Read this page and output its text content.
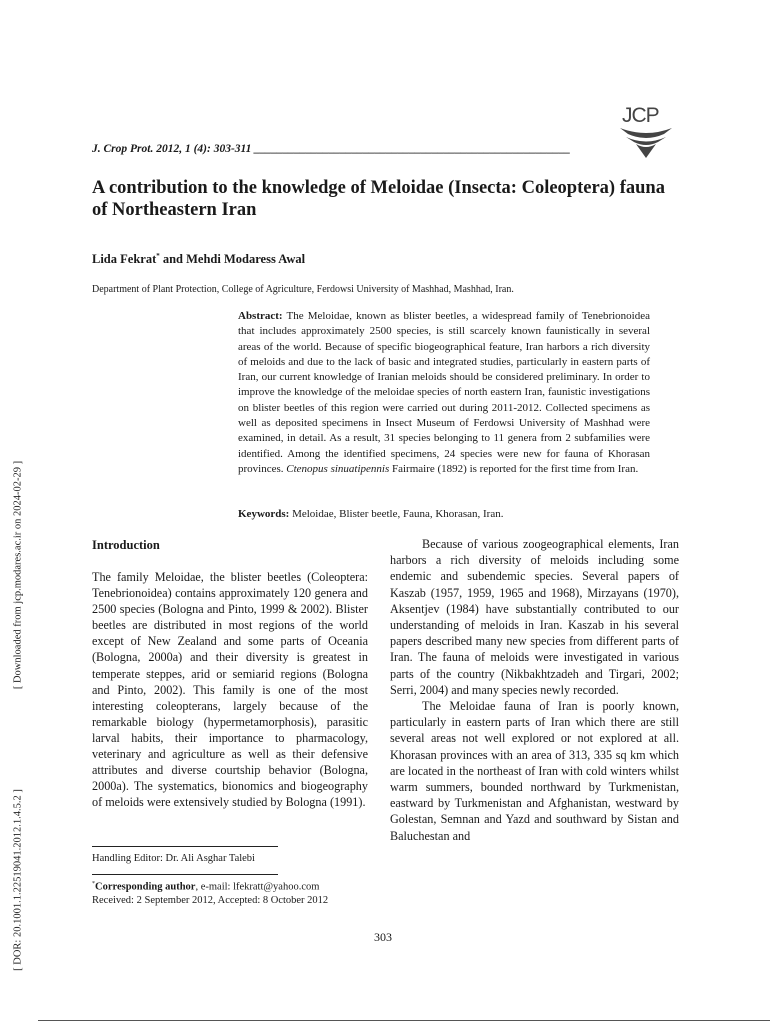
JCP
J. Crop Prot. 2012, 1 (4): 303-311 _______________________________________________________
A contribution to the knowledge of Meloidae (Insecta: Coleoptera) fauna of Northeastern Iran
Lida Fekrat* and Mehdi Modaress Awal
Department of Plant Protection, College of Agriculture, Ferdowsi University of Mashhad, Mashhad, Iran.
Abstract: The Meloidae, known as blister beetles, a widespread family of Tenebrionoidea that includes approximately 2500 species, is still scarcely known faunistically in several areas of the world. Because of specific biogeographical feature, Iran harbors a rich diversity of meloids and due to the lack of basic and integrated studies, particularly in eastern parts of Iran, our current knowledge of Iranian meloids should be considered preliminary. In order to improve the knowledge of the meloidae species of north eastern Iran, faunistic investigations on blister beetles of this region were carried out during 2011-2012. Collected specimens as well as deposited specimens in Insect Museum of Ferdowsi University of Mashhad were examined, in detail. As a result, 31 species belonging to 11 genera from 2 subfamilies were identified. Among the identified specimens, 24 species were new for fauna of Khorasan provinces. Ctenopus sinuatipennis Fairmaire (1892) is reported for the first time from Iran.
Keywords: Meloidae, Blister beetle, Fauna, Khorasan, Iran.
Introduction
The family Meloidae, the blister beetles (Coleoptera: Tenebrionoidea) contains approximately 120 genera and 2500 species (Bologna and Pinto, 1999 & 2002). Blister beetles are distributed in most regions of the world except of New Zealand and some parts of Oceania (Bologna, 2000a) and their diversity is greatest in temperate steppes, arid or semiarid regions (Bologna and Pinto, 2002). This family is one of the most interesting coleopterans, largely because of the remarkable biology (hypermetamorphosis), parasitic larval habits, their importance to pharmacology, veterinary and agriculture as well as their defensive attributes and diverse courtship behavior (Bologna, 2000a). The systematics, bionomics and biogeography of meloids were extensively studied by Bologna (1991).

Because of various zoogeographical elements, Iran harbors a rich diversity of meloids including some endemic and subendemic species. Several papers of Kaszab (1957, 1959, 1965 and 1968), Mirzayans (1970), Aksentjev (1984) have substantially contributed to our understanding of meloids in Iran. Kaszab in his several papers described many new species from different parts of Iran. The fauna of meloids were investigated in various parts of the country (Nikbakhtzadeh and Tirgari, 2002; Serri, 2004) and many species newly recorded.

The Meloidae fauna of Iran is poorly known, particularly in eastern parts of Iran which there are still several areas not well explored or not explored at all. Khorasan provinces with an area of 313, 335 sq km which are located in the northeast of Iran with cold winters whilst warm summers, bounded northward by Turkmenistan, eastward by Turkmenistan and Afghanistan, westward by Golestan, Semnan and Yazd and southward by Sistan and Baluchestan and

Handling Editor: Dr. Ali Asghar Talebi
*Corresponding author, e-mail: lfekratt@yahoo.com
Received: 2 September 2012, Accepted: 8 October 2012
303
[ Downloaded from jcp.modares.ac.ir on 2024-02-29 ]
[ DOR: 20.1001.1.22519041.2012.1.4.5.2 ]
